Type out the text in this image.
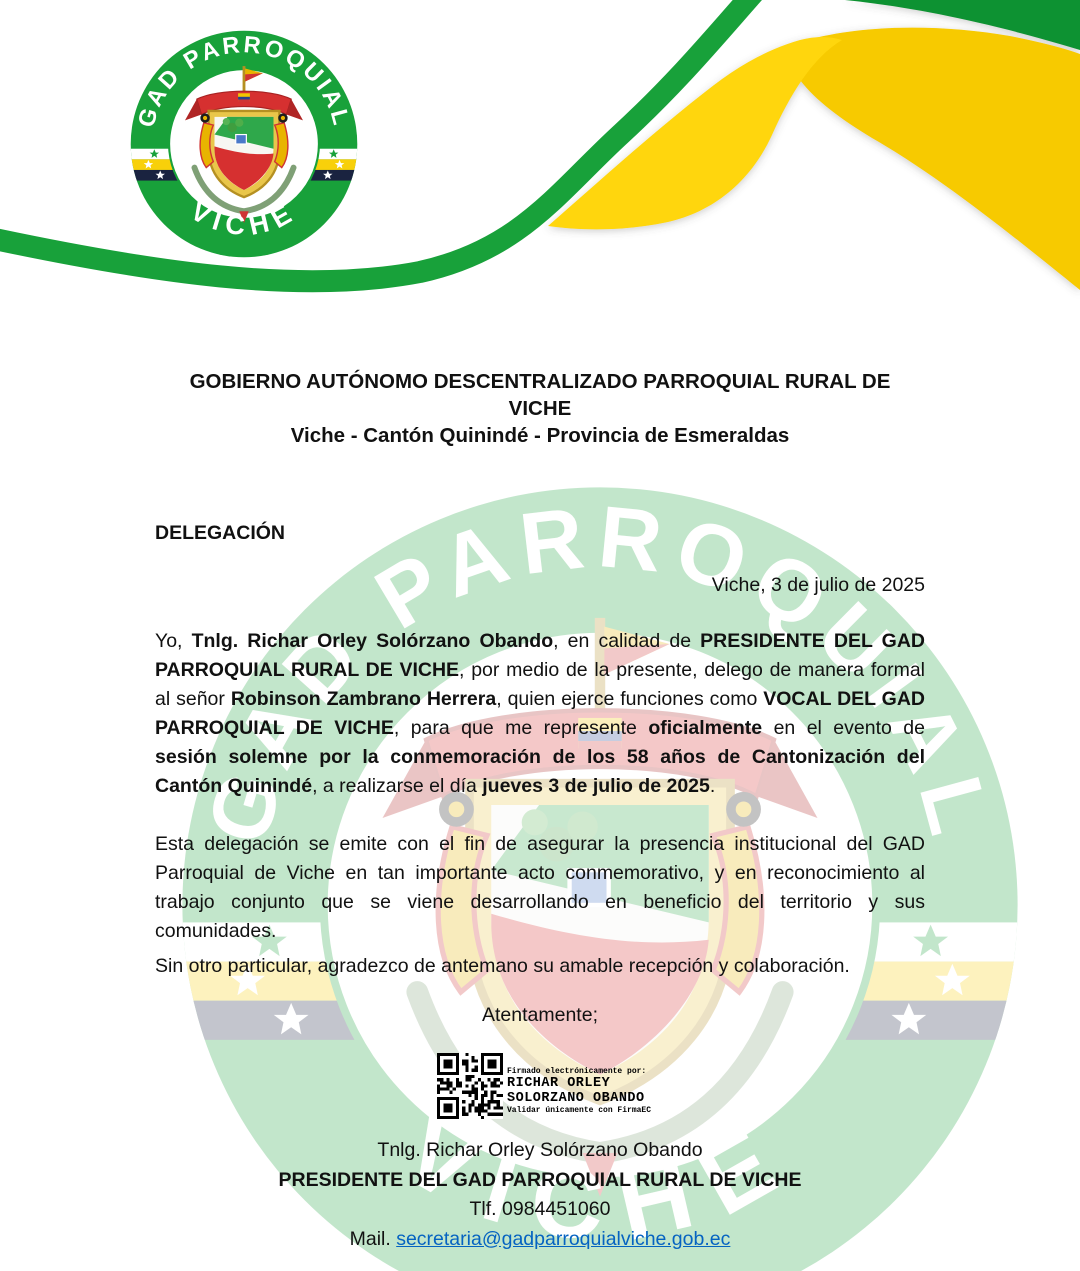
GOBIERNO AUTÓNOMO DESCENTRALIZADO PARROQUIAL RURAL DE
VICHE
Viche - Cantón Quinindé - Provincia de Esmeraldas
DELEGACIÓN
Viche, 3 de julio de 2025
Yo, Tnlg. Richar Orley Solórzano Obando, en calidad de PRESIDENTE DEL GAD PARROQUIAL RURAL DE VICHE, por medio de la presente, delego de manera formal al señor Robinson Zambrano Herrera, quien ejerce funciones como VOCAL DEL GAD PARROQUIAL DE VICHE, para que me represente oficialmente en el evento de sesión solemne por la conmemoración de los 58 años de Cantonización del Cantón Quinindé, a realizarse el día jueves 3 de julio de 2025.
Esta delegación se emite con el fin de asegurar la presencia institucional del GAD Parroquial de Viche en tan importante acto conmemorativo, y en reconocimiento al trabajo conjunto que se viene desarrollando en beneficio del territorio y sus comunidades.
Sin otro particular, agradezco de antemano su amable recepción y colaboración.
Atentamente;
Firmado electrónicamente por:
RICHAR ORLEY
SOLORZANO OBANDO
Validar únicamente con FirmaEC
Tnlg. Richar Orley Solórzano Obando
PRESIDENTE DEL GAD PARROQUIAL RURAL DE VICHE
Tlf. 0984451060
Mail. secretaria@gadparroquialviche.gob.ec
